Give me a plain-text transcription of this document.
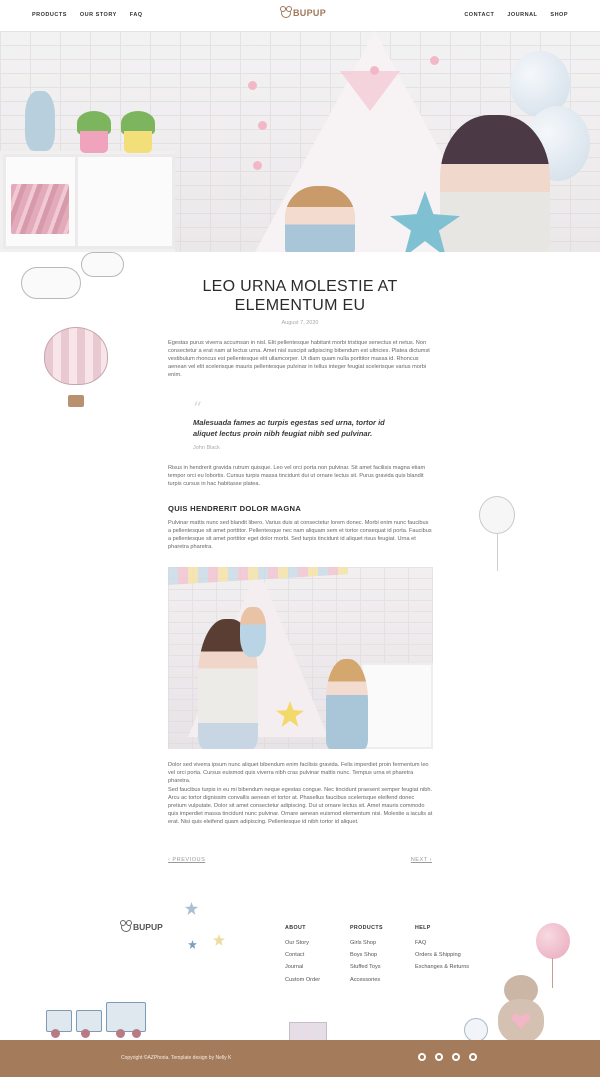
PRODUCTS OUR STORY FAQ	BUPUP	CONTACT JOURNAL SHOP
LEO URNA MOLESTIE AT ELEMENTUM EU
August 7, 2020

Egestas purus viverra accumsan in nisl. Elit pellentesque habitant morbi tristique senectus et netus. Non consectetur a erat nam at lectus urna. Amet nisl suscipit adipiscing bibendum est ultricies. Platea dictumst vestibulum rhoncus est pellentesque elit ullamcorper. Ut diam quam nulla porttitor massa id. Rhoncus aenean vel elit scelerisque mauris pellentesque pulvinar in tellus integer feugiat scelerisque varius morbi enim.

“
Malesuada fames ac turpis egestas sed urna, tortor id aliquet lectus proin nibh feugiat nibh sed pulvinar.
John Black

Risus in hendrerit gravida rutrum quisque. Leo vel orci porta non pulvinar. Sit amet facilisis magna etiam tempor orci eu lobortis. Cursus turpis massa tincidunt dui ut ornare lectus sit. Purus gravida quis blandit turpis cursus in hac habitasse platea.

QUIS HENDRERIT DOLOR MAGNA

Pulvinar mattis nunc sed blandit libero. Varius duis at consectetur lorem donec. Morbi enim nunc faucibus a pellentesque sit amet porttitor. Pellentesque nec nam aliquam sem et tortor consequat id porta. Faucibus a pellentesque sit amet porttitor eget dolor morbi. Sed turpis tincidunt id aliquet risus feugiat. Urna et pharetra pharetra.

Dolor sed viverra ipsum nunc aliquet bibendum enim facilisis gravida. Felis imperdiet proin fermentum leo vel orci porta. Cursus euismod quis viverra nibh cras pulvinar mattis nunc. Tempus urna et pharetra pharetra.

Sed faucibus turpis in eu mi bibendum neque egestas congue. Nec tincidunt praesent semper feugiat nibh. Arcu ac tortor dignissim convallis aenean et tortor at. Phasellus faucibus scelerisque eleifend donec pretium vulputate. Dolor sit amet consectetur adipiscing. Dui ut ornare lectus sit. Amet mauris commodo quis imperdiet massa tincidunt nunc pulvinar. Ornare aenean euismod elementum nisi. Molestie a iaculis at erat. Nisi quis eleifend quam adipiscing. Pellentesque id nibh tortor id aliquet.

‹ PREVIOUS	NEXT ›
BUPUP	ABOUT
Our Story
Contact
Journal
Custom Order
PRODUCTS
Girls Shop
Boys Shop
Stuffed Toys
Accessories
HELP
FAQ
Orders & Shipping
Exchanges & Returns
Copyright ©AZPhoria. Template design by Nelly K
